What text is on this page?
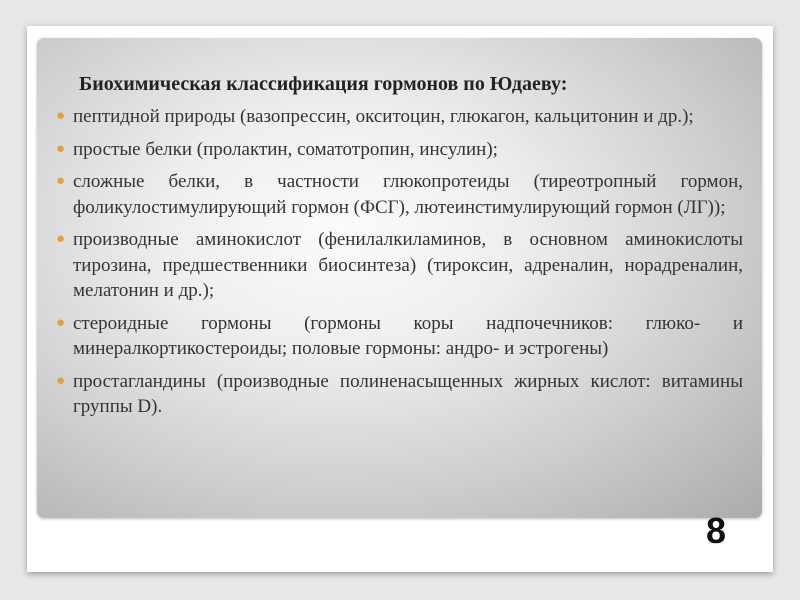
Биохимическая классификация гормонов по Юдаеву:
● пептидной природы (вазопрессин, окситоцин, глюкагон, кальцитонин и др.);
● простые белки (пролактин, соматотропин, инсулин);
● сложные белки, в частности глюкопротеиды (тиреотропный гормон, фоликулостимулирующий гормон (ФСГ), лютеинстимулирующий гормон (ЛГ));
● производные аминокислот (фенилалкиламинов, в основном аминокислоты тирозина, предшественники биосинтеза) (тироксин, адреналин, норадреналин, мелатонин и др.);
● стероидные гормоны (гормоны коры надпочечников: глюко- и минералкортикостероиды; половые гормоны: андро- и эстрогены)
● простагландины (производные полиненасыщенных жирных кислот: витамины группы D).
8
